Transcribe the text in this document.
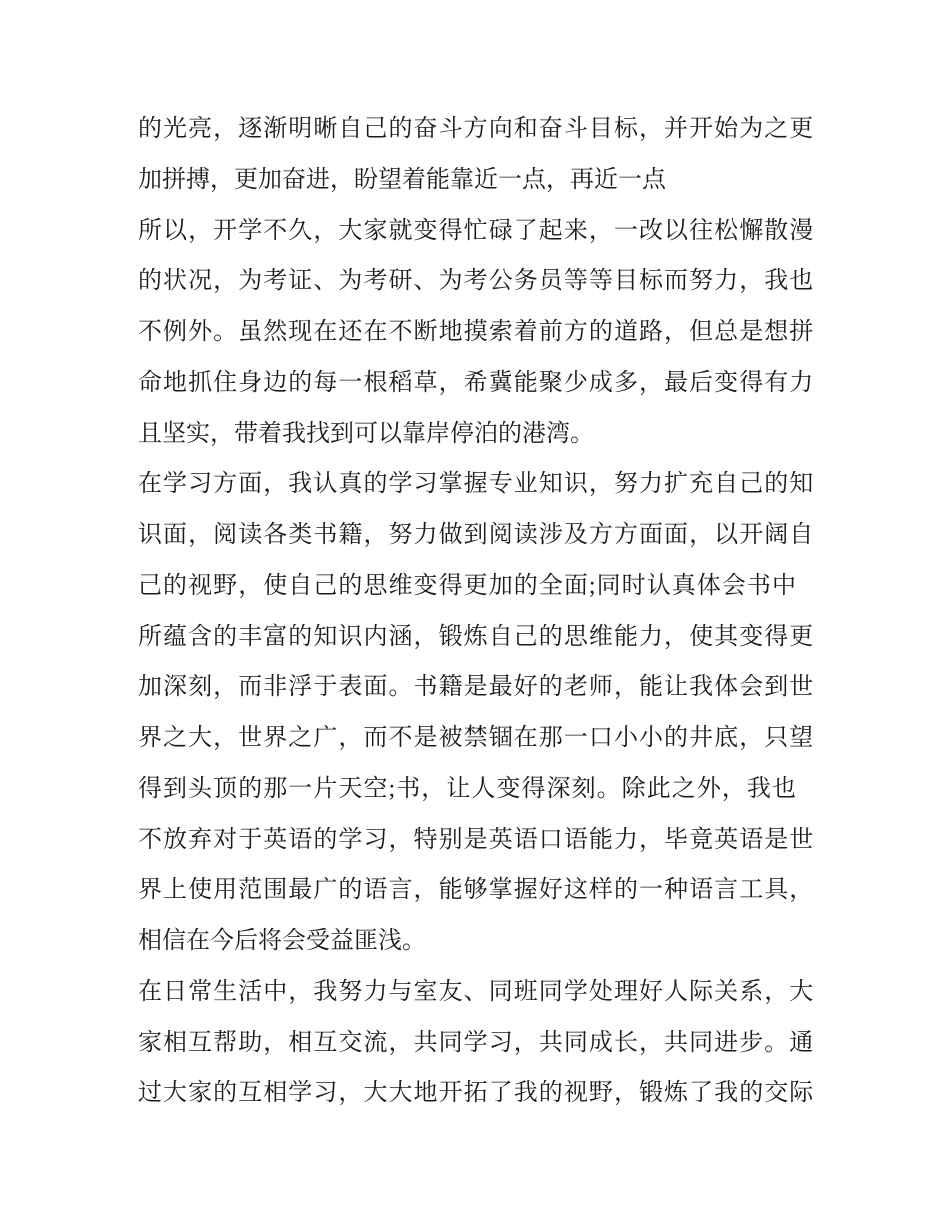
的光亮，逐渐明晰自己的奋斗方向和奋斗目标，并开始为之更
加拼搏，更加奋进，盼望着能靠近一点，再近一点
所以，开学不久，大家就变得忙碌了起来，一改以往松懈散漫
的状况，为考证、为考研、为考公务员等等目标而努力，我也
不例外。虽然现在还在不断地摸索着前方的道路，但总是想拼
命地抓住身边的每一根稻草，希冀能聚少成多，最后变得有力
且坚实，带着我找到可以靠岸停泊的港湾。
在学习方面，我认真的学习掌握专业知识，努力扩充自己的知
识面，阅读各类书籍，努力做到阅读涉及方方面面，以开阔自
己的视野，使自己的思维变得更加的全面;同时认真体会书中
所蕴含的丰富的知识内涵，锻炼自己的思维能力，使其变得更
加深刻，而非浮于表面。书籍是最好的老师，能让我体会到世
界之大，世界之广，而不是被禁锢在那一口小小的井底，只望
得到头顶的那一片天空;书，让人变得深刻。除此之外，我也
不放弃对于英语的学习，特别是英语口语能力，毕竟英语是世
界上使用范围最广的语言，能够掌握好这样的一种语言工具，
相信在今后将会受益匪浅。
在日常生活中，我努力与室友、同班同学处理好人际关系，大
家相互帮助，相互交流，共同学习，共同成长，共同进步。通
过大家的互相学习，大大地开拓了我的视野，锻炼了我的交际
